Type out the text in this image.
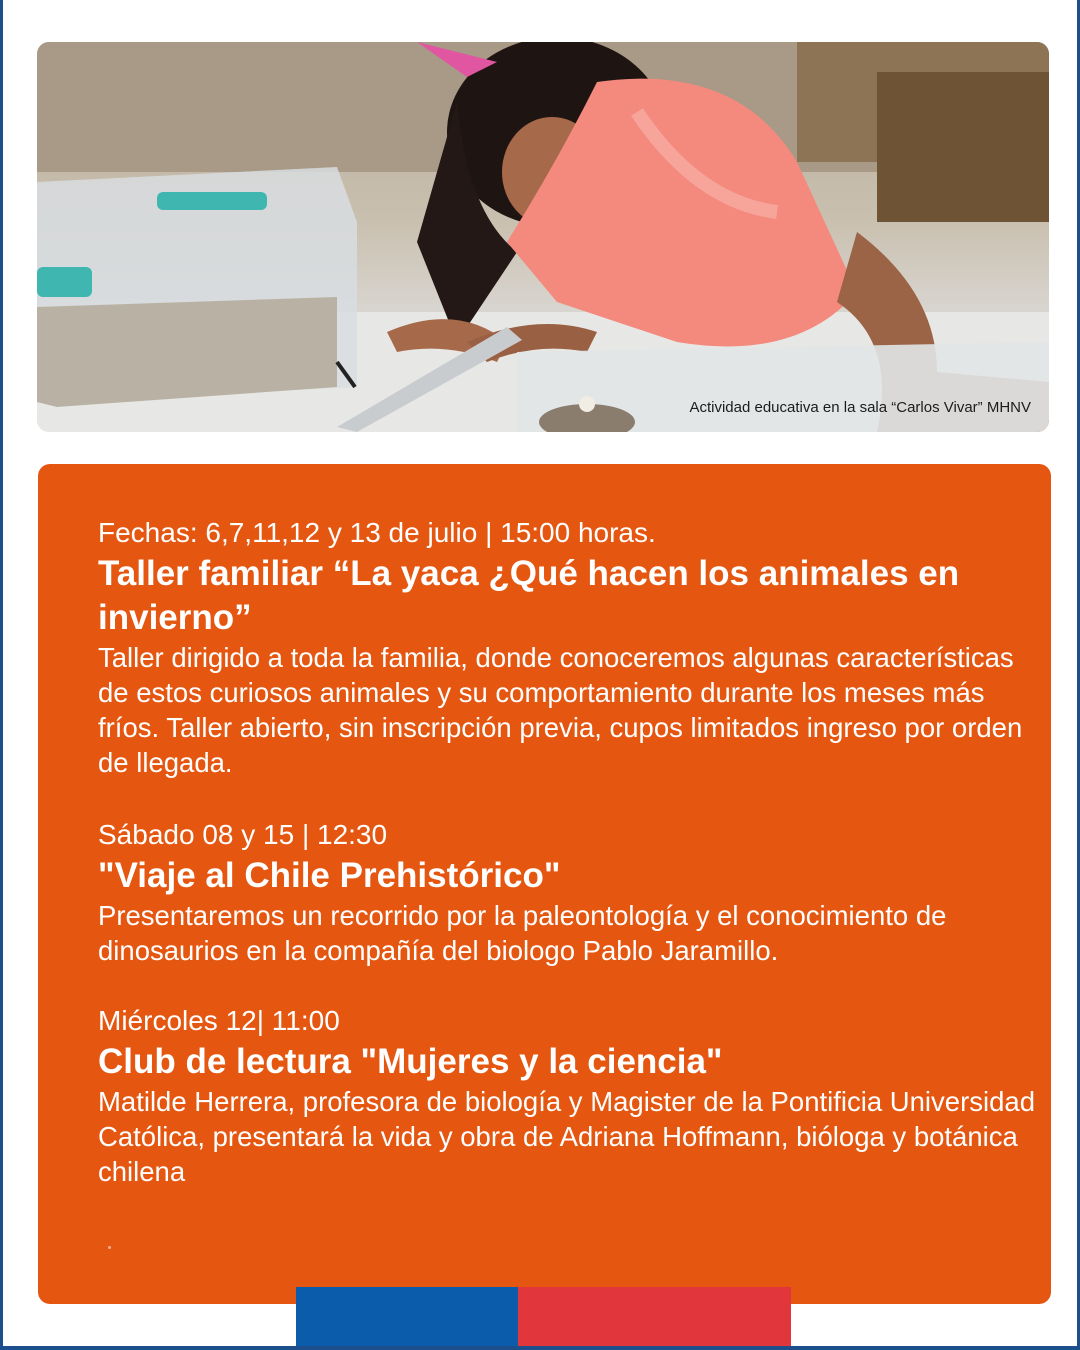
Actividad educativa en la sala “Carlos Vivar” MHNV

Fechas: 6,7,11,12 y 13 de julio | 15:00 horas.

Taller familiar “La yaca ¿Qué hacen los animales en invierno”

Taller dirigido a toda la familia, donde conoceremos algunas características de estos curiosos animales y su comportamiento durante los meses más fríos. Taller abierto, sin inscripción previa, cupos limitados ingreso por orden de llegada.

Sábado 08 y 15 | 12:30

"Viaje al Chile Prehistórico"

Presentaremos un recorrido por la paleontología y el conocimiento de dinosaurios en la compañía del biologo Pablo Jaramillo.

Miércoles 12| 11:00

Club de lectura "Mujeres y la ciencia"

Matilde Herrera, profesora de biología y Magister de la Pontificia Universidad Católica, presentará la vida y obra de Adriana Hoffmann, bióloga y botánica chilena
